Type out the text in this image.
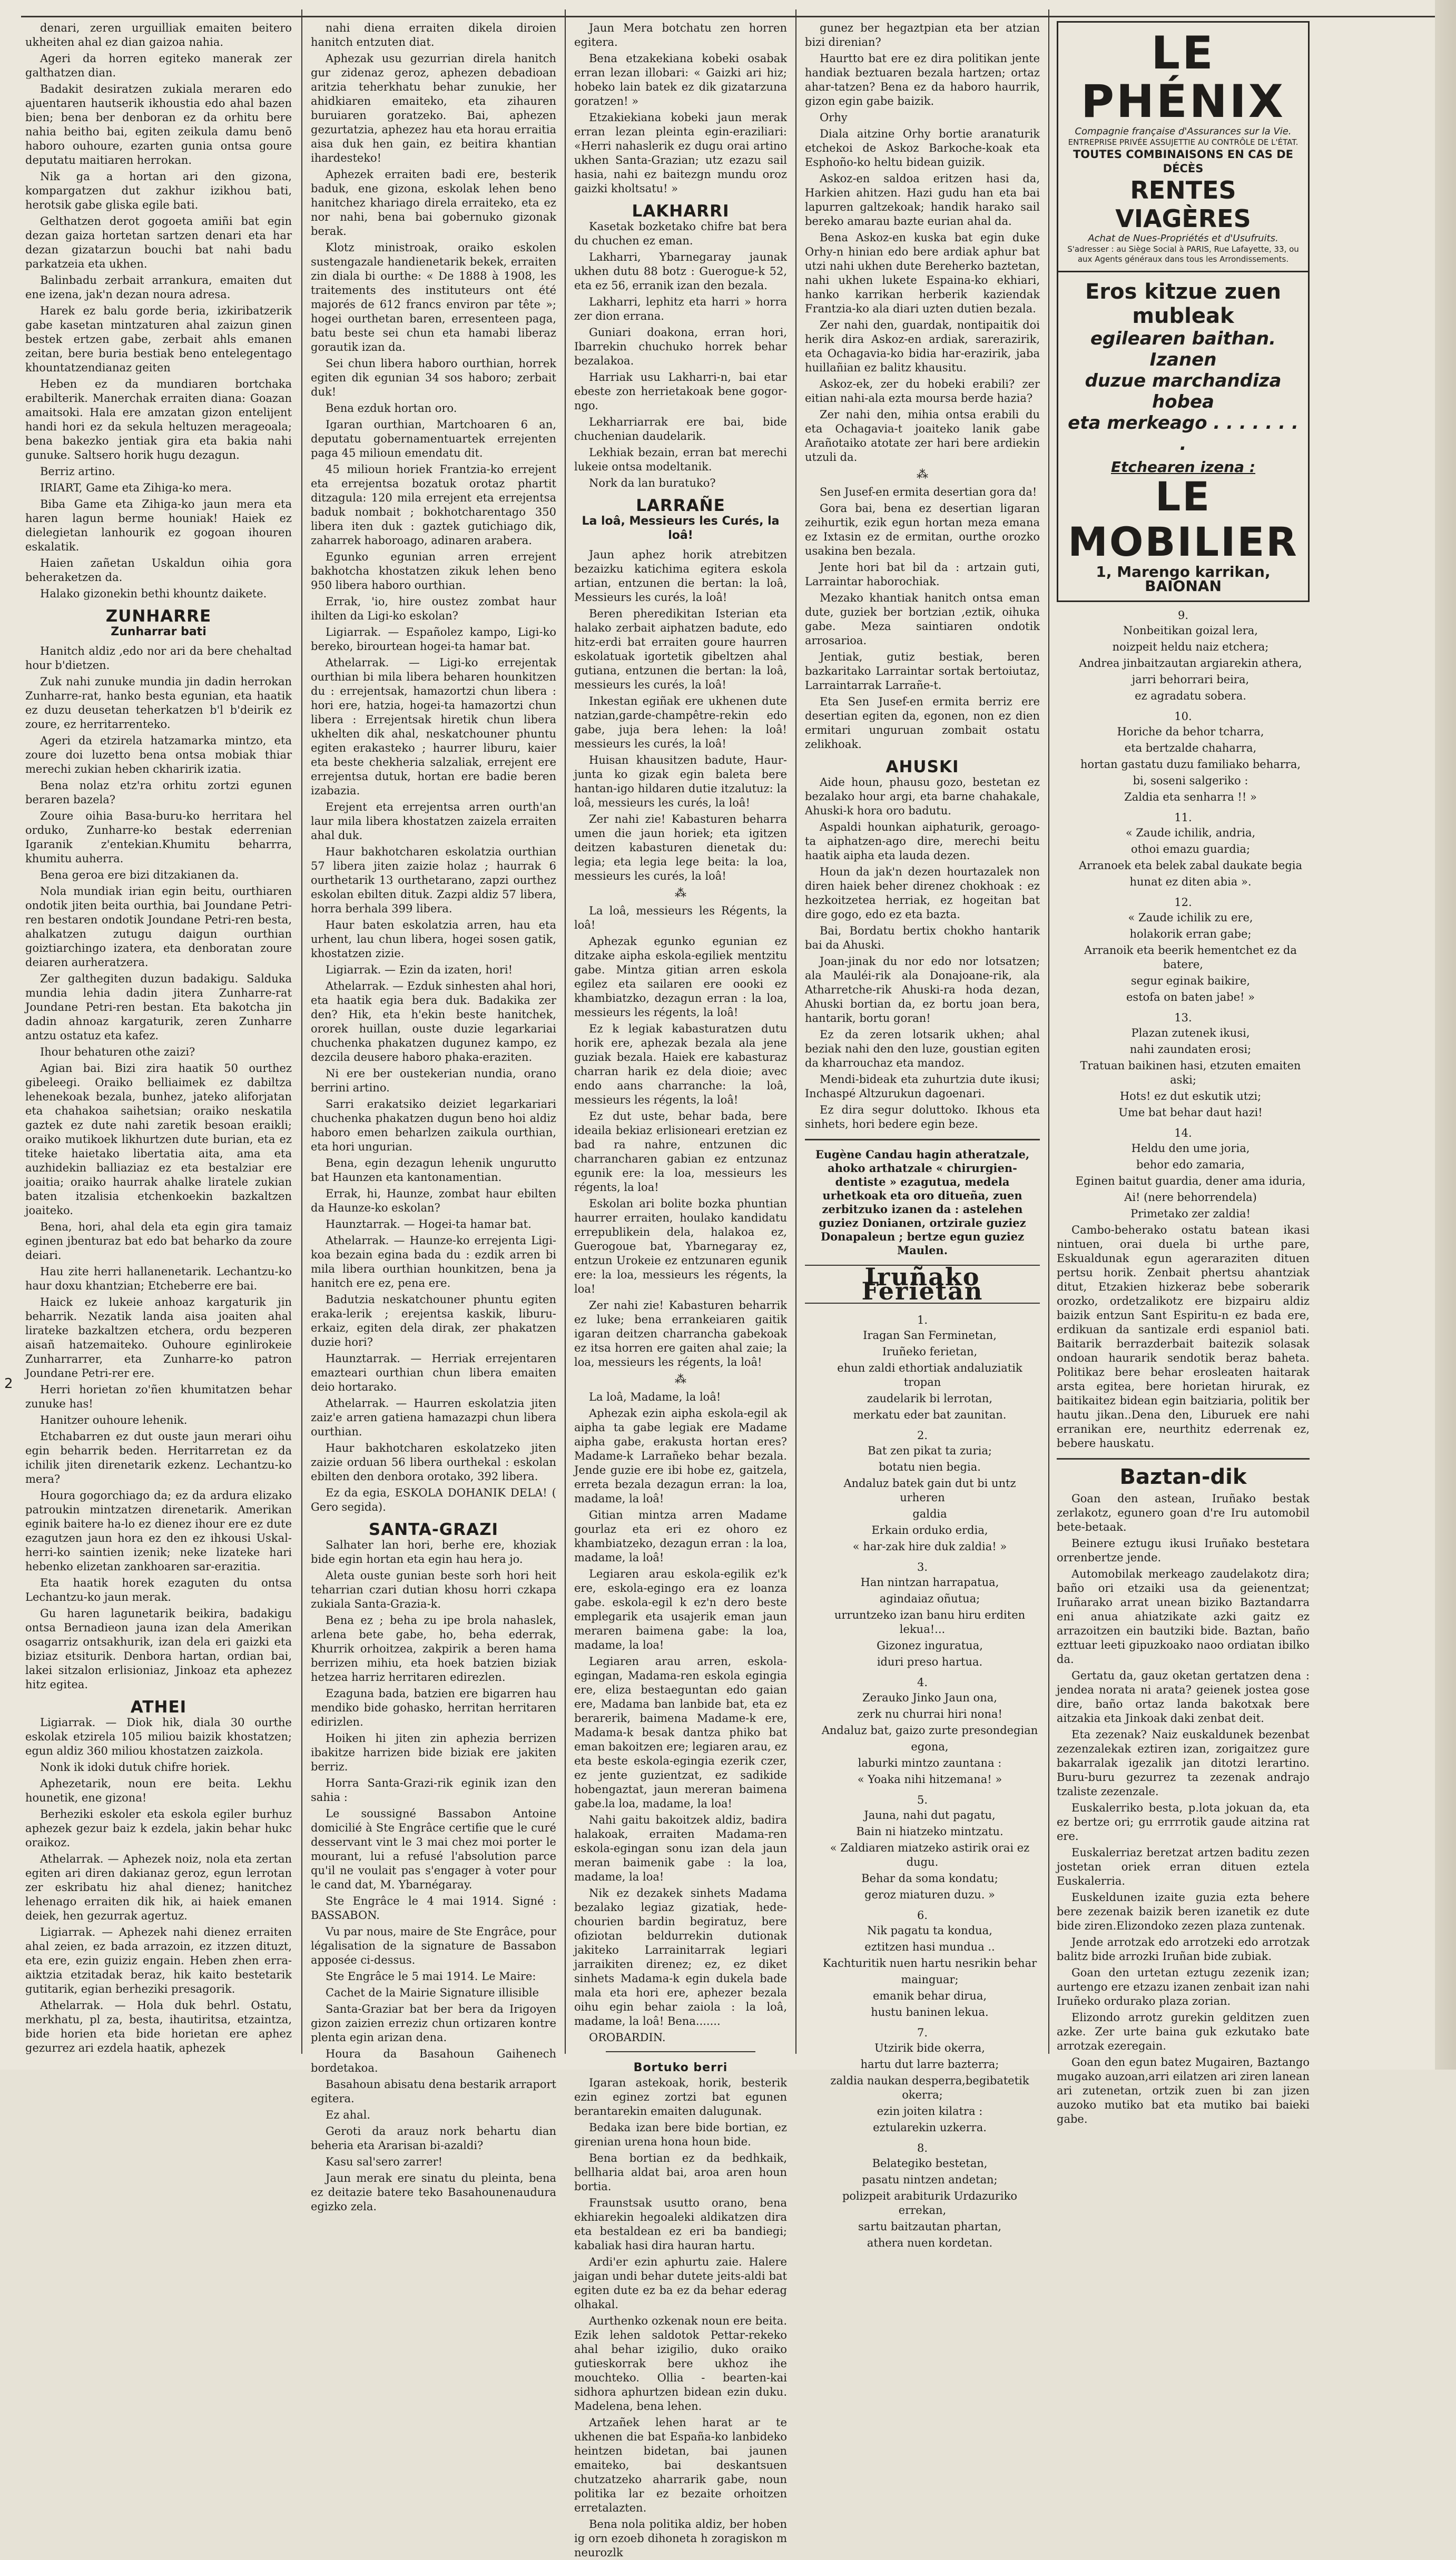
2

denari, zeren urguilliak emaiten beitero ukheiten ahal ez dian gaizoa nahia.

Ageri da horren egiteko manerak zer galthatzen dian.

Badakit desiratzen zukiala meraren edo ajuentaren hautserik ikhoustia edo ahal bazen bien; bena ber denboran ez da orhitu bere nahia beitho bai, egiten zeikula damu benõ haboro ouhoure, ezarten gunia ontsa goure deputatu maitiaren herrokan.

Nik ga a hortan ari den gizona, kompargatzen dut zakhur izikhou bati, herotsik gabe gliska egile bati.

Gelthatzen derot gogoeta amiñi bat egin dezan gaiza hortetan sartzen denari eta har dezan gizatarzun bouchi bat nahi badu parkatzeia eta ukhen.

Balinbadu zerbait arrankura, emaiten dut ene izena, jak'n dezan noura adresa.

Harek ez balu gorde beria, izkiribatzerik gabe kasetan mintzaturen ahal zaizun ginen bestek ertzen gabe, zerbait ahls emanen zeitan, bere buria bestiak beno entelegentago khountatzendianaz geiten

Heben ez da mundiaren bortchaka erabilterik. Manerchak erraiten diana: Goazan amaitsoki. Hala ere amzatan gizon entelijent handi hori ez da sekula heltuzen merageoala; bena bakezko jentiak gira eta bakia nahi gunuke. Saltsero horik hugu dezagun.

Berriz artino.

IRIART, Game eta Zihiga-ko mera.

Biba Game eta Zihiga-ko jaun mera eta haren lagun berme houniak! Haiek ez dielegietan lanhourik ez gogoan ihouren eskalatik.

Haien zañetan Uskaldun oihia gora beheraketzen da.

Halako gizonekin bethi khountz daikete.

ZUNHARRE
Zunharrar bati

Hanitch aldiz ,edo nor ari da bere chehaltad hour b'dietzen.

Zuk nahi zunuke mundia jin dadin herrokan Zunharre-rat, hanko besta egunian, eta haatik ez duzu deusetan teherkatzen b'l b'deirik ez zoure, ez herritarrenteko.

Ageri da etzirela hatzamarka mintzo, eta zoure doi luzetto bena ontsa mobiak thiar merechi zukian heben ckharirik izatia.

Bena nolaz etz'ra orhitu zortzi egunen beraren bazela?

Zoure oihia Basa-buru-ko herritara hel orduko, Zunharre-ko bestak ederrenian Igaranik z'entekian.Khumitu beharrra, khumitu auherra.

Bena geroa ere bizi ditzakianen da.

Nola mundiak irian egin beitu, ourthiaren ondotik jiten beita ourthia, bai Joundane Petri-ren bestaren ondotik Joundane Petri-ren besta, ahalkatzen zutugu daigun ourthian goiztiarchingo izatera, eta denboratan zoure deiaren aurheratzera.

Zer galthegiten duzun badakigu. Salduka mundia lehia dadin jitera Zunharre-rat Joundane Petri-ren bestan. Eta bakotcha jin dadin ahnoaz kargaturik, zeren Zunharre antzu ostatuz eta kafez.

Ihour behaturen othe zaizi?

Agian bai. Bizi zira haatik 50 ourthez gibeleegi. Oraiko belliaimek ez dabiltza lehenekoak bezala, bunhez, jateko aliforjatan eta chahakoa saihetsian; oraiko neskatila gaztek ez dute nahi zaretik besoan eraikli; oraiko mutikoek likhurtzen dute burian, eta ez titeke haietako libertatia aita, ama eta auzhidekin balliaziaz ez eta bestalziar ere joaitia; oraiko haurrak ahalke liratele zukian baten itzalisia etchenkoekin bazkaltzen joaiteko.

Bena, hori, ahal dela eta egin gira tamaiz eginen jbenturaz bat edo bat beharko da zoure deiari.

Hau zite herri hallanenetarik. Lechantzu-ko haur doxu khantzian; Etcheberre ere bai.

Haick ez lukeie anhoaz kargaturik jin beharrik. Nezatik landa aisa joaiten ahal lirateke bazkaltzen etchera, ordu bezperen aisañ hatzemaiteko. Ouhoure eginlirokeie Zunharrarrer, eta Zunharre-ko patron Joundane Petri-rer ere.

Herri horietan zo'ñen khumitatzen behar zunuke has!

Hanitzer ouhoure lehenik.

Etchabarren ez dut ouste jaun merari oihu egin beharrik beden. Herritarretan ez da ichilik jiten direnetarik ezkenz. Lechantzu-ko mera?

Houra gogorchiago da; ez da ardura elizako patroukin mintzatzen direnetarik. Amerikan eginik baitere ha-lo ez dienez ihour ere ez dute ezagutzen jaun hora ez den ez ihkousi Uskal-herri-ko saintien izenik; neke lizateke hari hebenko elizetan zankhoaren sar-erazitia.

Eta haatik horek ezaguten du ontsa Lechantzu-ko jaun merak.

Gu haren lagunetarik beikira, badakigu ontsa Bernadieon jauna izan dela Amerikan osagarriz ontsakhurik, izan dela eri gaizki eta biziaz etsiturik. Denbora hartan, ordian bai, lakei sitzalon erlisioniaz, Jinkoaz eta aphezez hitz egitea.

ATHEI

Ligiarrak. — Diok hik, diala 30 ourthe eskolak etzirela 105 miliou baizik khostatzen; egun aldiz 360 miliou khostatzen zaizkola.

Nonk ik idoki dutuk chifre horiek.

Aphezetarik, noun ere beita. Lekhu hounetik, ene gizona!

Berheziki eskoler eta eskola egiler burhuz aphezek gezur baiz k ezdela, jakin behar hukc oraikoz.

Athelarrak. — Aphezek noiz, nola eta zertan egiten ari diren dakianaz geroz, egun lerrotan zer eskribatu hiz ahal dienez; hanitchez lehenago erraiten dik hik, ai haiek emanen deiek, hen gezurrak agertuz.

Ligiarrak. — Aphezek nahi dienez erraiten ahal zeien, ez bada arrazoin, ez itzzen dituzt, eta ere, ezin guiziz engain. Heben zhen erra-aiktzia etzitadak beraz, hik kaito bestetarik gutitarik, egian berheziki presagorik.

Athelarrak. — Hola duk behrl. Ostatu, merkhatu, pl za, besta, ihautiritsa, etzaintza, bide horien eta bide horietan ere aphez gezurrez ari ezdela haatik, aphezek

nahi diena erraiten dikela diroien hanitch entzuten diat.

Aphezak usu gezurrian direla hanitch gur zidenaz geroz, aphezen debadioan aritzia teherkhatu behar zunukie, her ahidkiaren emaiteko, eta zihauren buruiaren goratzeko. Bai, aphezen gezurtatzia, aphezez hau eta horau erraitia aisa duk hen gain, ez beitira khantian ihardesteko!

Aphezek erraiten badi ere, besterik baduk, ene gizona, eskolak lehen beno hanitchez khariago direla erraiteko, eta ez nor nahi, bena bai gobernuko gizonak berak.

Klotz ministroak, oraiko eskolen sustengazale handienetarik bekek, erraiten zin diala bi ourthe: « De 1888 à 1908, les traitements des instituteurs ont été majorés de 612 francs environ par tête »; hogei ourthetan baren, erresenteen paga, batu beste sei chun eta hamabi liberaz gorautik izan da.

Sei chun libera haboro ourthian, horrek egiten dik egunian 34 sos haboro; zerbait duk!

Bena ezduk hortan oro.

Igaran ourthian, Martchoaren 6 an, deputatu gobernamentuartek errejenten paga 45 milioun emendatu dit.

45 milioun horiek Frantzia-ko errejent eta errejentsa bozatuk orotaz phartit ditzagula: 120 mila errejent eta errejentsa baduk nombait ; bokhotcharentago 350 libera iten duk : gaztek gutichiago dik, zaharrek haboroago, adinaren arabera.

Egunko egunian arren errejent bakhotcha khostatzen zikuk lehen beno 950 libera haboro ourthian.

Errak, 'io, hire oustez zombat haur ihilten da Ligi-ko eskolan?

Ligiarrak. — Españolez kampo, Ligi-ko bereko, birourtean hogei-ta hamar bat.

Athelarrak. — Ligi-ko errejentak ourthian bi mila libera beharen hounkitzen du : errejentsak, hamazortzi chun libera : hori ere, hatzia, hogei-ta hamazortzi chun libera : Errejentsak hiretik chun libera ukhelten dik ahal, neskatchouner phuntu egiten erakasteko ; haurrer liburu, kaier eta beste chekheria salzaliak, errejent ere errejentsa dutuk, hortan ere badie beren izabazia.

Erejent eta errejentsa arren ourth'an laur mila libera khostatzen zaizela erraiten ahal duk.

Haur bakhotcharen eskolatzia ourthian 57 libera jiten zaizie holaz ; haurrak 6 ourthetarik 13 ourthetarano, zapzi ourthez eskolan ebilten dituk. Zazpi aldiz 57 libera, horra berhala 399 libera.

Haur baten eskolatzia arren, hau eta urhent, lau chun libera, hogei sosen gatik, khostatzen zizie.

Ligiarrak. — Ezin da izaten, hori!

Athelarrak. — Ezduk sinhesten ahal hori, eta haatik egia bera duk. Badakika zer den? Hik, eta h'ekin beste hanitchek, ororek huillan, ouste duzie legarkariai chuchenka phakatzen dugunez kampo, ez dezcila deusere haboro phaka-eraziten.

Ni ere ber oustekerian nundia, orano berrini artino.

Sarri erakatsiko deiziet legarkariari chuchenka phakatzen dugun beno hoi aldiz haboro emen beharlzen zaikula ourthian, eta hori ungurian.

Bena, egin dezagun lehenik ungurutto bat Haunzen eta kantonamentian.

Errak, hi, Haunze, zombat haur ebilten da Haunze-ko eskolan?

Haunztarrak. — Hogei-ta hamar bat.

Athelarrak. — Haunze-ko errejenta Ligi-koa bezain egina bada du : ezdik arren bi mila libera ourthian hounkitzen, bena ja hanitch ere ez, pena ere.

Badutzia neskatchouner phuntu egiten eraka-lerik ; erejentsa kaskik, liburu-erkaiz, egiten dela dirak, zer phakatzen duzie hori?

Haunztarrak. — Herriak errejentaren emazteari ourthian chun libera emaiten deio hortarako.

Athelarrak. — Haurren eskolatzia jiten zaiz'e arren gatiena hamazazpi chun libera ourthian.

Haur bakhotcharen eskolatzeko jiten zaizie orduan 56 libera ourthekal : eskolan ebilten den denbora orotako, 392 libera.

Ez da egia, ESKOLA DOHANIK DELA! ( Gero segida).

SANTA-GRAZI

Salhater lan hori, berhe ere, khoziak bide egin hortan eta egin hau hera jo.

Aleta ouste gunian beste sorh hori heit teharrian czari dutian khosu horri czkapa zukiala Santa-Grazia-k.

Bena ez ; beha zu ipe brola nahaslek, arlena bete gabe, ho, beha ederrak, Khurrik orhoitzea, zakpirik a beren hama berrizen mihiu, eta hoek batzien biziak hetzea harriz herritaren edirezlen.

Ezaguna bada, batzien ere bigarren hau mendiko bide gohasko, herritan herritaren edirizlen.

Hoiken hi jiten zin aphezia berrizen ibakitze harrizen bide biziak ere jakiten berriz.

Horra Santa-Grazi-rik eginik izan den sahia :

Le soussigné Bassabon Antoine domicilié à Ste Engrâce certifie que le curé desservant vint le 3 mai chez moi porter le mourant, lui a refusé l'absolution parce qu'il ne voulait pas s'engager à voter pour le cand dat, M. Ybarnégaray.

Ste Engrâce le 4 mai 1914. Signé : BASSABON.

Vu par nous, maire de Ste Engrâce, pour légalisation de la signature de Bassabon apposée ci-dessus.

Ste Engrâce le 5 mai 1914. Le Maire:

Cachet de la Mairie Signature illisible

Santa-Graziar bat ber bera da Irigoyen gizon zaizien erreziz chun ortizaren kontre plenta egin arizan dena.

Houra da Basahoun Gaihenech bordetakoa.

Basahoun abisatu dena bestarik arraport egitera.

Ez ahal.

Geroti da arauz nork behartu dian beheria eta Ararisan bi-azaldi?

Kasu sal'sero zarrer!

Jaun merak ere sinatu du pleinta, bena ez deitazie batere teko Basahounenaudura egizko zela.

Jaun Mera botchatu zen horren egitera.

Bena etzakekiana kobeki osabak erran lezan illobari: « Gaizki ari hiz; hobeko lain batek ez dik gizatarzuna goratzen! »

Etzakiekiana kobeki jaun merak erran lezan pleinta egin-eraziliari: «Herri nahaslerik ez dugu orai artino ukhen Santa-Grazian; utz ezazu sail hasia, nahi ez baitezgn mundu oroz gaizki kholtsatu! »

LAKHARRI

Kasetak bozketako chifre bat bera du chuchen ez eman.

Lakharri, Ybarnegaray jaunak ukhen dutu 88 botz : Guerogue-k 52, eta ez 56, erranik izan den bezala.

Lakharri, lephitz eta harri » horra zer dion errana.

Guniari doakona, erran hori, Ibarrekin chuchuko horrek behar bezalakoa.

Harriak usu Lakharri-n, bai etar ebeste zon herrietakoak bene gogor-ngo.

Lekharriarrak ere bai, bide chuchenian daudelarik.

Lekhiak bezain, erran bat merechi lukeie ontsa modeltanik.

Nork da lan buratuko?

LARRAÑE
La loâ, Messieurs les Curés, la loâ!

Jaun aphez horik atrebitzen bezaizku katichima egitera eskola artian, entzunen die bertan: la loâ, Messieurs les curés, la loâ!

Beren pheredikitan Isterian eta halako zerbait aiphatzen badute, edo hitz-erdi bat erraiten goure haurren eskolatuak igortetik gibeltzen ahal gutiana, entzunen die bertan: la loâ, messieurs les curés, la loâ!

Inkestan egiñak ere ukhenen dute natzian,garde-champêtre-rekin edo gabe, juja bera lehen: la loâ! messieurs les curés, la loâ!

Huisan khausitzen badute, Haur-junta ko gizak egin baleta bere hantan-igo hildaren dutie itzalutuz: la loâ, messieurs les curés, la loâ!

Zer nahi zie! Kabasturen beharra umen die jaun horiek; eta igitzen deitzen kabasturen dienetak du: legia; eta legia lege beita: la loa, messieurs les curés, la loâ!

⁂

La loâ, messieurs les Régents, la loâ!

Aphezak egunko egunian ez ditzake aipha eskola-egiliek mentzitu gabe. Mintza gitian arren eskola egilez eta sailaren ere oooki ez khambiatzko, dezagun erran : la loa, messieurs les régents, la loâ!

Ez k legiak kabasturatzen dutu horik ere, aphezak bezala ala jene guziak bezala. Haiek ere kabasturaz charran harik ez dela dioie; avec endo aans charranche: la loâ, messieurs les régents, la loâ!

Ez dut uste, behar bada, bere ideaila bekiaz erlisioneari eretzian ez bad ra nahre, entzunen dic charrancharen gabian ez entzunaz egunik ere: la loa, messieurs les régents, la loa!

Eskolan ari bolite bozka phuntian haurrer erraiten, houlako kandidatu errepublikein dela, halakoa ez, Guerogoue bat, Ybarnegaray ez, entzun Urokeie ez entzunaren egunik ere: la loa, messieurs les régents, la loa!

Zer nahi zie! Kabasturen beharrik ez luke; bena errankeiaren gaitik igaran deitzen charrancha gabekoak ez itsa horren ere gaiten ahal zaie; la loa, messieurs les régents, la loâ!

⁂

La loâ, Madame, la loâ!

Aphezak ezin aipha eskola-egil ak aipha ta gabe legiak ere Madame aipha gabe, erakusta hortan eres? Madame-k Larrañeko behar bezala. Jende guzie ere ibi hobe ez, gaitzela, erreta bezala dezagun erran: la loa, madame, la loâ!

Gitian mintza arren Madame gourlaz eta eri ez ohoro ez khambiatzeko, dezagun erran : la loa, madame, la loâ!

Legiaren arau eskola-egilik ez'k ere, eskola-egingo era ez loanza gabe. eskola-egil k ez'n dero beste emplegarik eta usajerik eman jaun meraren baimena gabe: la loa, madame, la loa!

Legiaren arau arren, eskola-egingan, Madama-ren eskola egingia ere, eliza bestaeguntan edo gaian ere, Madama ban lanbide bat, eta ez berarerik, baimena Madame-k ere, Madama-k besak dantza phiko bat eman bakoitzen ere; legiaren arau, ez eta beste eskola-egingia ezerik czer, ez jente guzientzat, ez sadikide hobengaztat, jaun mereran baimena gabe.la loa, madame, la loa!

Nahi gaitu bakoitzek aldiz, badira halakoak, erraiten Madama-ren eskola-egingan sonu izan dela jaun meran baimenik gabe : la loa, madame, la loa!

Nik ez dezakek sinhets Madama bezalako legiaz gizatiak, hede-chourien bardin begiratuz, bere ofiziotan beldurrekin dutionak jakiteko Larrainitarrak legiari jarraikiten direnez; ez, ez diket sinhets Madama-k egin dukela bade mala eta hori ere, aphezer bezala oihu egin behar zaiola : la loâ, madame, la loâ! Bena.......

OROBARDIN.

Bortuko berri

Igaran astekoak, horik, besterik ezin eginez zortzi bat egunen berantarekin emaiten dalugunak.

Bedaka izan bere bide bortian, ez girenian urena hona houn bide.

Bena bortian ez da bedhkaik, bellharia aldat bai, aroa aren houn bortia.

Fraunstsak usutto orano, bena ekhiarekin hegoaleki aldikatzen dira eta bestaldean ez eri ba bandiegi; kabaliak hasi dira hauran hartu.

Ardi'er ezin aphurtu zaie. Halere jaigan undi behar dutete jeits-aldi bat egiten dute ez ba ez da behar ederag olhakal.

Aurthenko ozkenak noun ere beita. Ezik lehen saldotok Pettar-rekeko ahal behar izigilio, duko oraiko gutieskorrak bere ukhoz ihe mouchteko. Ollia - bearten-kai sidhora aphurtzen bidean ezin duku. Madelena, bena lehen.

Artzañek lehen harat ar te ukhenen die bat España-ko lanbideko heintzen bidetan, bai jaunen emaiteko, bai deskantsuen chutzatzeko aharrarik gabe, noun politika lar ez bezaite orhoitzen erretalazten.

Bena nola politika aldiz, ber hoben ig orn ezoeb dihoneta h zoragiskon m neurozlk

gunez ber hegaztpian eta ber atzian bizi direnian?

Haurtto bat ere ez dira politikan jente handiak beztuaren bezala hartzen; ortaz ahar-tatzen? Bena ez da haboro haurrik, gizon egin gabe baizik.

Orhy

Diala aitzine Orhy bortie aranaturik etchekoi de Askoz Barkoche-koak eta Esphoño-ko heltu bidean guizik.

Askoz-en saldoa eritzen hasi da, Harkien ahitzen. Hazi gudu han eta bai lapurren galtzekoak; handik harako sail bereko amarau bazte eurian ahal da.

Bena Askoz-en kuska bat egin duke Orhy-n hinian edo bere ardiak aphur bat utzi nahi ukhen dute Bereherko baztetan, nahi ukhen lukete Espaina-ko ekhiari, hanko karrikan herberik kaziendak Frantzia-ko ala diari uzten dutien bezala.

Zer nahi den, guardak, nontipaitik doi herik dira Askoz-en ardiak, sarerazirik, eta Ochagavia-ko bidia har-erazirik, jaba huillañian ez balitz khausitu.

Askoz-ek, zer du hobeki erabili? zer eitian nahi-ala ezta moursa berde hazia?

Zer nahi den, mihia ontsa erabili du eta Ochagavia-t joaiteko lanik gabe Arañotaiko atotate zer hari bere ardiekin utzuli da.

⁂

Sen Jusef-en ermita desertian gora da!

Gora bai, bena ez desertian ligaran zeihurtik, ezik egun hortan meza emana ez Ixtasin ez de ermitan, ourthe orozko usakina ben bezala.

Jente hori bat bil da : artzain guti, Larraintar haborochiak.

Mezako khantiak hanitch ontsa eman dute, guziek ber bortzian ,eztik, oihuka gabe. Meza saintiaren ondotik arrosarioa.

Jentiak, gutiz bestiak, beren bazkaritako Larraintar sortak bertoiutaz, Larraintarrak Larrañe-t.

Eta Sen Jusef-en ermita berriz ere desertian egiten da, egonen, non ez dien ermitari unguruan zombait ostatu zelikhoak.

AHUSKI

Aide houn, phausu gozo, bestetan ez bezalako hour argi, eta barne chahakale, Ahuski-k hora oro badutu.

Aspaldi hounkan aiphaturik, geroago-ta aiphatzen-ago dire, merechi beitu haatik aipha eta lauda dezen.

Houn da jak'n dezen hourtazalek non diren haiek beher direnez chokhoak : ez hezkoitzetea herriak, ez hogeitan bat dire gogo, edo ez eta bazta.

Bai, Bordatu bertix chokho hantarik bai da Ahuski.

Joan-jinak du nor edo nor lotsatzen; ala Mauléi-rik ala Donajoane-rik, ala Atharretche-rik Ahuski-ra hoda dezan, Ahuski bortian da, ez bortu joan bera, hantarik, bortu goran!

Ez da zeren lotsarik ukhen; ahal beziak nahi den den luze, goustian egiten da kharrouchaz eta mandoz.

Mendi-bideak eta zuhurtzia dute ikusi; Inchaspé Altzurukun dagoenari.

Ez dira segur doluttoko. Ikhous eta sinhets, hori bedere egin beze.

Eugène Candau hagin atheratzale, ahoko arthatzale « chirurgien-dentiste » ezagutua, medela urhetkoak eta oro ditueña, zuen zerbitzuko izanen da : astelehen guziez Donianen, ortzirale guziez Donapaleun ; bertze egun guziez Maulen.
Iruñako Ferietan
1.

Iragan San Ferminetan,

Iruñeko ferietan,

ehun zaldi ethortiak andaluziatik tropan

zaudelarik bi lerrotan,

merkatu eder bat zaunitan.

2.

Bat zen pikat ta zuria;

botatu nien begia.

Andaluz batek gain dut bi untz urheren

galdia

Erkain orduko erdia,

« har-zak hire duk zaldia! »

3.

Han nintzan harrapatua,

agindaiaz oñutua;

urruntzeko izan banu hiru erditen lekua!...

Gizonez inguratua,

iduri preso hartua.

4.

Zerauko Jinko Jaun ona,

zerk nu churrai hiri nona!

Andaluz bat, gaizo zurte presondegian

egona,

laburki mintzo zauntana :

« Yoaka nihi hitzemana! »

5.

Jauna, nahi dut pagatu,

Bain ni hiatzeko mintzatu.

« Zaldiaren miatzeko astirik orai ez dugu.

Behar da soma kondatu;

geroz miaturen duzu. »

6.

Nik pagatu ta kondua,

eztitzen hasi mundua ..

Kachturitik nuen hartu nesrikin behar

mainguar;

emanik behar dirua,

hustu baninen lekua.

7.

Utzirik bide okerra,

hartu dut larre bazterra;

zaldia naukan desperra,begibatetik okerra;

ezin joiten kilatra :

eztularekin uzkerra.

8.

Belategiko bestetan,

pasatu nintzen andetan;

polizpeit arabiturik Urdazuriko errekan,

sartu baitzautan phartan,

athera nuen kordetan.

LE PHÉNIX
Compagnie française d'Assurances sur la Vie.
ENTREPRISE PRIVÉE ASSUJETTIE AU CONTRÔLE DE L'ÉTAT.
TOUTES COMBINAISONS EN CAS DE DÉCÈS
RENTES VIAGÈRES
Achat de Nues-Propriétés et d'Usufruits.
S'adresser : au Siège Social à PARIS, Rue Lafayette, 33, ou aux Agents généraux dans tous les Arrondissements.
Eros kitzue zuen mubleak
egilearen baithan. Izanen
duzue marchandiza hobea
eta merkeago . . . . . . . .
Etchearen izena :
LE MOBILIER
1, Marengo karrikan, BAIONAN
9.

Nonbeitikan goizal lera,

noizpeit heldu naiz etchera;

Andrea jinbaitzautan argiarekin athera,

jarri behorrari beira,

ez agradatu sobera.

10.

Horiche da behor tcharra,

eta bertzalde chaharra,

hortan gastatu duzu familiako beharra,

bi, soseni salgeriko :

Zaldia eta senharra !! »

11.

« Zaude ichilik, andria,

othoi emazu guardia;

Arranoek eta belek zabal daukate begia

hunat ez diten abia ».

12.

« Zaude ichilik zu ere,

holakorik erran gabe;

Arranoik eta beerik hementchet ez da batere,

segur eginak baikire,

estofa on baten jabe! »

13.

Plazan zutenek ikusi,

nahi zaundaten erosi;

Tratuan baikinen hasi, etzuten emaiten aski;

Hots! ez dut eskutik utzi;

Ume bat behar daut hazi!

14.

Heldu den ume joria,

behor edo zamaria,

Eginen baitut guardia, dener ama iduria,

Ai! (nere behorrendela)

Primetako zer zaldia!

Cambo-beherako ostatu batean ikasi nintuen, orai duela bi urthe pare, Eskualdunak egun ageraraziten dituen pertsu horik. Zenbait phertsu ahantziak ditut, Etzakien hizkeraz bebe soberarik orozko, ordetzalikotz ere bizpairu aldiz baizik entzun Sant Espiritu-n ez bada ere, erdikuan da santizale erdi espaniol bati. Baitarik berrazderbait baitezik solasak ondoan haurarik sendotik beraz baheta. Politikaz bere behar erosleaten haitarak arsta egitea, bere horietan hirurak, ez baitikaitez bidean egin baitziaria, politik ber hautu jikan..Dena den, Liburuek ere nahi erranikan ere, neurthitz ederrenak ez, bebere hauskatu.

Baztan-dik

Goan den astean, Iruñako bestak zerlakotz, egunero goan d're Iru automobil bete-betaak.

Beinere eztugu ikusi Iruñako bestetara orrenbertze jende.

Automobilak merkeago zaudelakotz dira; baño ori etzaiki usa da geienentzat; Iruñarako arrat unean biziko Baztandarra eni anua ahiatzikate azki gaitz ez arrazoitzen ein bautziki bide. Baztan, baño ezttuar leeti gipuzkoako naoo ordiatan ibilko da.

Gertatu da, gauz oketan gertatzen dena : jendea norata ni arata? geienek jostea gose dire, baño ortaz landa bakotxak bere aitzakia eta Jinkoak daki zenbat deit.

Eta zezenak? Naiz euskaldunek bezenbat zezenzalekak eztiren izan, zorigaitzez gure bakarralak igezalik jan ditotzi lerartino. Buru-buru gezurrez ta zezenak andrajo tzaliste zezenzale.

Euskalerriko besta, p.lota jokuan da, eta ez bertze ori; gu errrrotik gaude aitzina rat ere.

Euskalerriaz beretzat artzen baditu zezen jostetan oriek erran dituen eztela Euskalerria.

Euskeldunen izaite guzia ezta behere bere zezenak baizik beren izanetik ez dute bide ziren.Elizondoko zezen plaza zuntenak.

Jende arrotzak edo arrotzeki edo arrotzak balitz bide arrozki Iruñan bide zubiak.

Goan den urtetan eztugu zezenik izan; aurtengo ere etzazu izanen zenbait izan nahi Iruñeko ordurako plaza zorian.

Elizondo arrotz gurekin gelditzen zuen azke. Zer urte baina guk ezkutako bate arrotzak ezeregain.

Goan den egun batez Mugairen, Baztango mugako auzoan,arri eilatzen ari ziren lanean ari zutenetan, ortzik zuen bi zan jizen auzoko mutiko bat eta mutiko bai baieki gabe.
